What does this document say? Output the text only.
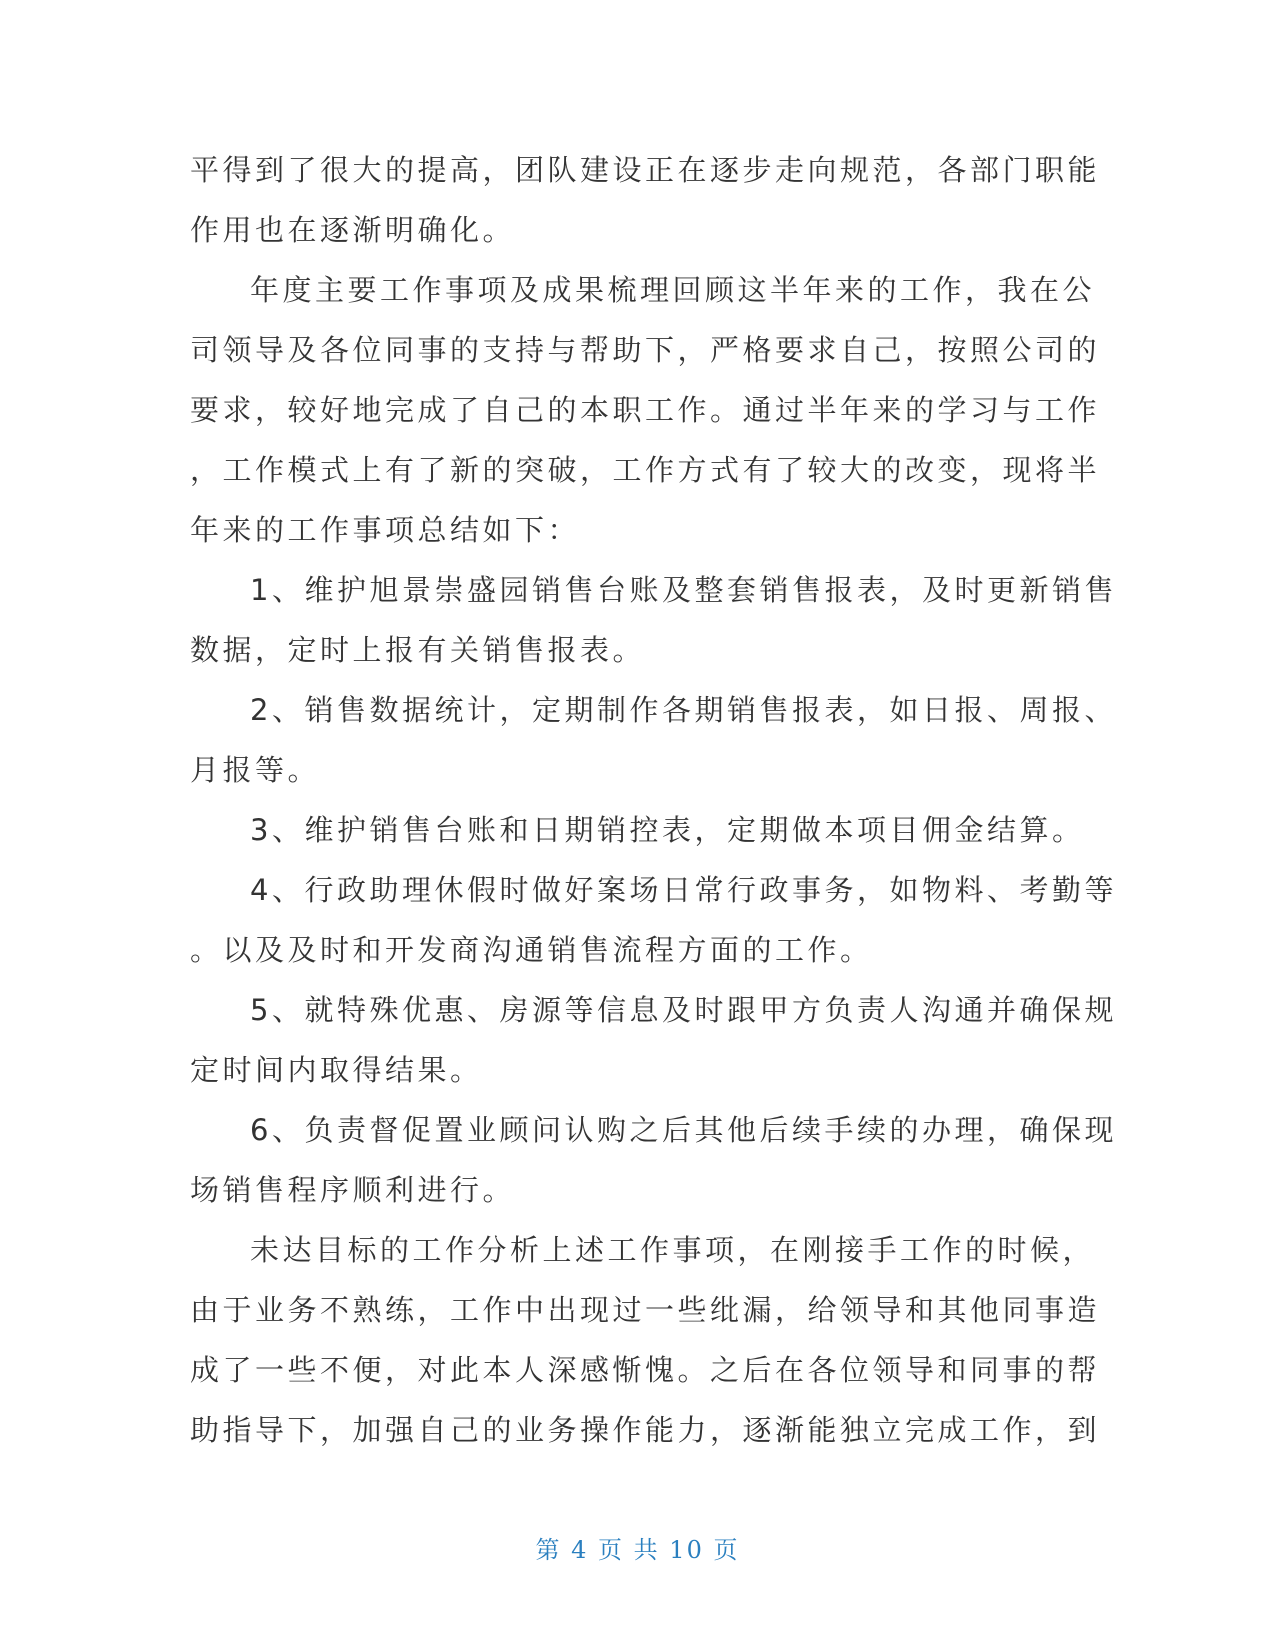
平得到了很大的提高，团队建设正在逐步走向规范，各部门职能
作用也在逐渐明确化。
年度主要工作事项及成果梳理回顾这半年来的工作，我在公
司领导及各位同事的支持与帮助下，严格要求自己，按照公司的
要求，较好地完成了自己的本职工作。通过半年来的学习与工作
，工作模式上有了新的突破，工作方式有了较大的改变，现将半
年来的工作事项总结如下：
1、维护旭景崇盛园销售台账及整套销售报表，及时更新销售
数据，定时上报有关销售报表。
2、销售数据统计，定期制作各期销售报表，如日报、周报、
月报等。
3、维护销售台账和日期销控表，定期做本项目佣金结算。
4、行政助理休假时做好案场日常行政事务，如物料、考勤等
。以及及时和开发商沟通销售流程方面的工作。
5、就特殊优惠、房源等信息及时跟甲方负责人沟通并确保规
定时间内取得结果。
6、负责督促置业顾问认购之后其他后续手续的办理，确保现
场销售程序顺利进行。
未达目标的工作分析上述工作事项，在刚接手工作的时候，
由于业务不熟练，工作中出现过一些纰漏，给领导和其他同事造
成了一些不便，对此本人深感惭愧。之后在各位领导和同事的帮
助指导下，加强自己的业务操作能力，逐渐能独立完成工作，到
第 4 页 共 10 页
